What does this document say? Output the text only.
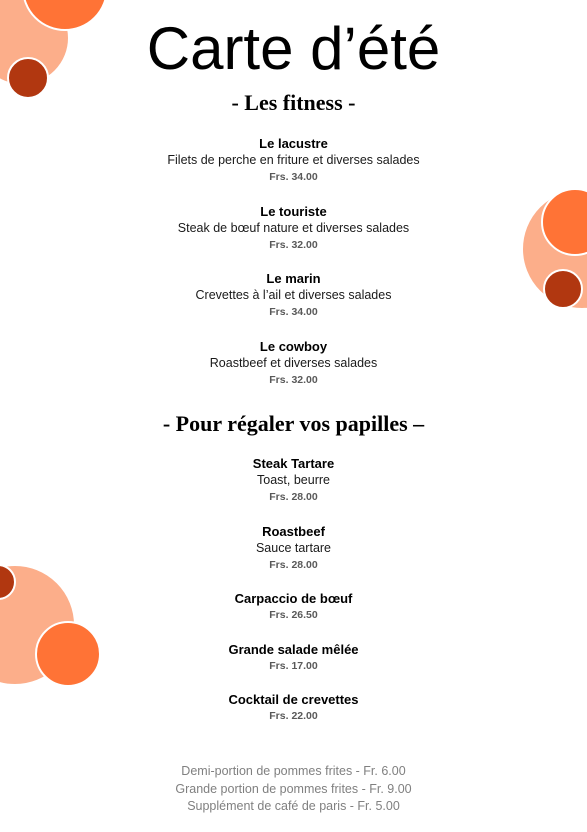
Carte d’été
- Les fitness -
Le lacustre
Filets de perche en friture et diverses salades
Frs. 34.00
Le touriste
Steak de bœuf nature et diverses salades
Frs. 32.00
Le marin
Crevettes à l’ail et diverses salades
Frs. 34.00
Le cowboy
Roastbeef et diverses salades
Frs. 32.00
- Pour régaler vos papilles –
Steak Tartare
Toast, beurre
Frs. 28.00
Roastbeef
Sauce tartare
Frs. 28.00
Carpaccio de bœuf
Frs. 26.50
Grande salade mêlée
Frs. 17.00
Cocktail de crevettes
Frs. 22.00
Demi-portion de pommes frites - Fr. 6.00
Grande portion de pommes frites - Fr. 9.00
Supplément de café de paris - Fr. 5.00
